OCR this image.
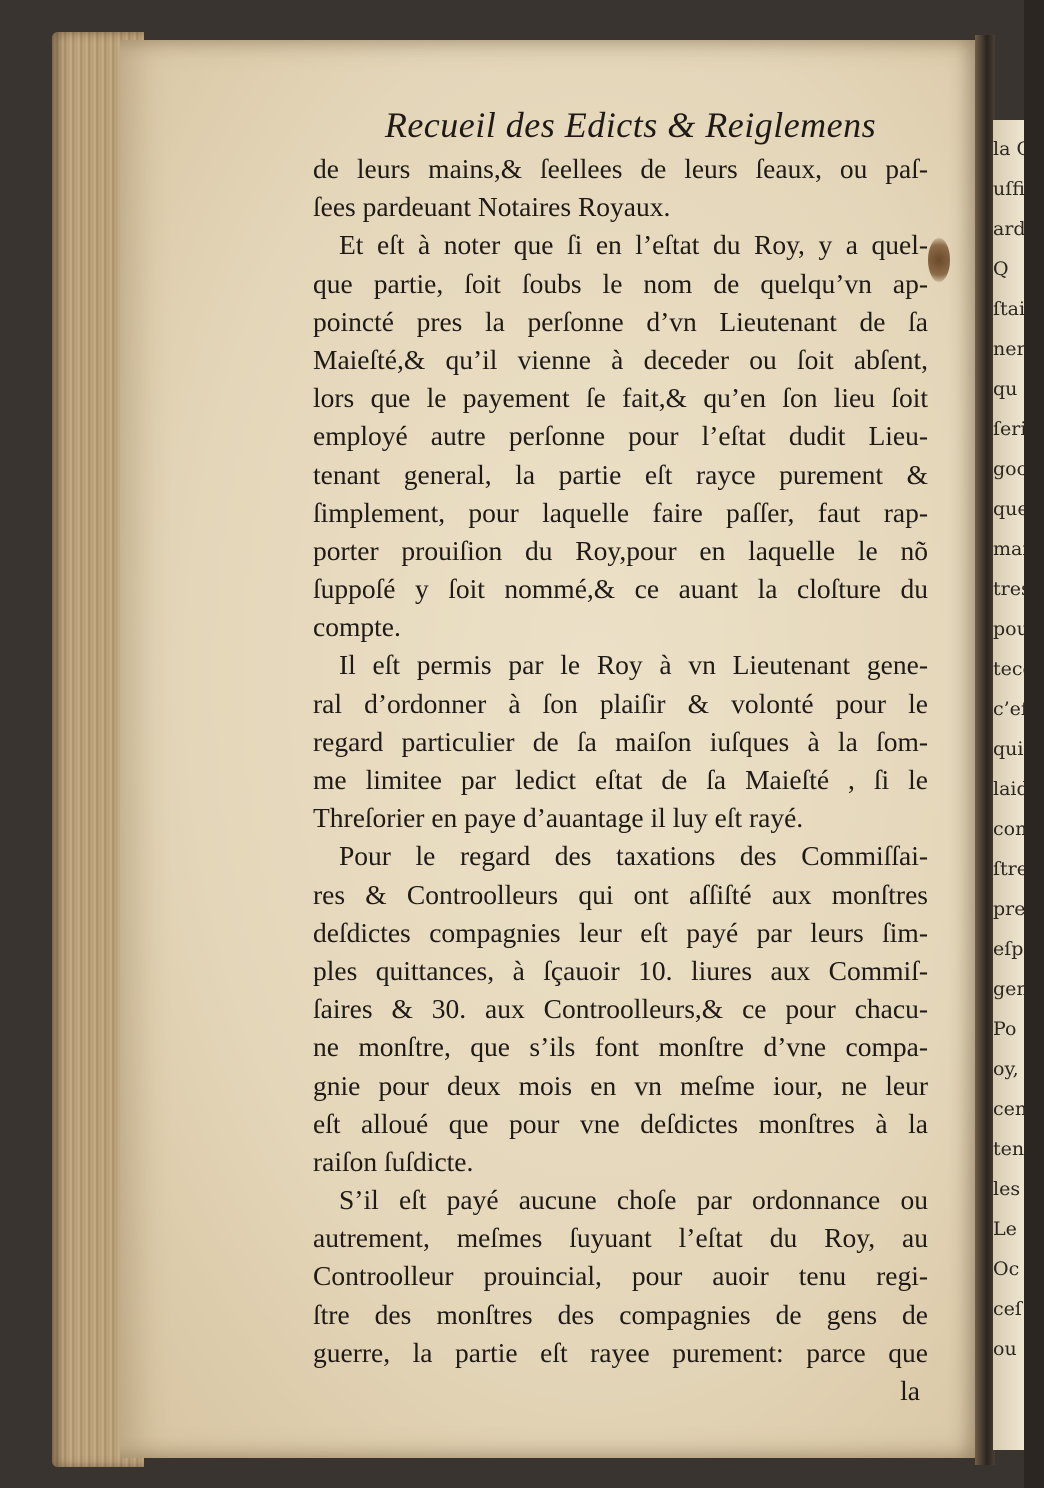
la Ch
uſfi
ard
Q
ſtain
ner
qu
ſeri
goc
que
mais
tres
pou
tece
c’eſt
qui
laid
com
ſtre
pre
eſp
gen
Po
oy,
cen
tener
les
Le
Oc
ceſ
ou
Recueil des Edicts & Reiglemens
de leurs mains,& ſeellees de leurs ſeaux, ou paſ-
ſees pardeuant Notaires Royaux.
Et eſt à noter que ſi en l’eſtat du Roy, y a quel-
que partie, ſoit ſoubs le nom de quelqu’vn ap-
poincté pres la perſonne d’vn Lieutenant de ſa
Maieſté,& qu’il vienne à deceder ou ſoit abſent,
lors que le payement ſe fait,& qu’en ſon lieu ſoit
employé autre perſonne pour l’eſtat dudit Lieu-
tenant general, la partie eſt rayce purement &
ſimplement, pour laquelle faire paſſer, faut rap-
porter prouiſion du Roy,pour en laquelle le nõ
ſuppoſé y ſoit nommé,& ce auant la cloſture du
compte.
Il eſt permis par le Roy à vn Lieutenant gene-
ral d’ordonner à ſon plaiſir & volonté pour le
regard particulier de ſa maiſon iuſques à la ſom-
me limitee par ledict eſtat de ſa Maieſté , ſi le
Threſorier en paye d’auantage il luy eſt rayé.
Pour le regard des taxations des Commiſſai-
res & Controolleurs qui ont aſſiſté aux monſtres
deſdictes compagnies leur eſt payé par leurs ſim-
ples quittances, à ſçauoir 10. liures aux Commiſ-
ſaires & 30. aux Controolleurs,& ce pour chacu-
ne monſtre, que s’ils font monſtre d’vne compa-
gnie pour deux mois en vn meſme iour, ne leur
eſt alloué que pour vne deſdictes monſtres à la
raiſon ſuſdicte.
S’il eſt payé aucune choſe par ordonnance ou
autrement, meſmes ſuyuant l’eſtat du Roy, au
Controolleur prouincial, pour auoir tenu regi-
ſtre des monſtres des compagnies de gens de
guerre, la partie eſt rayee purement: parce que
la
